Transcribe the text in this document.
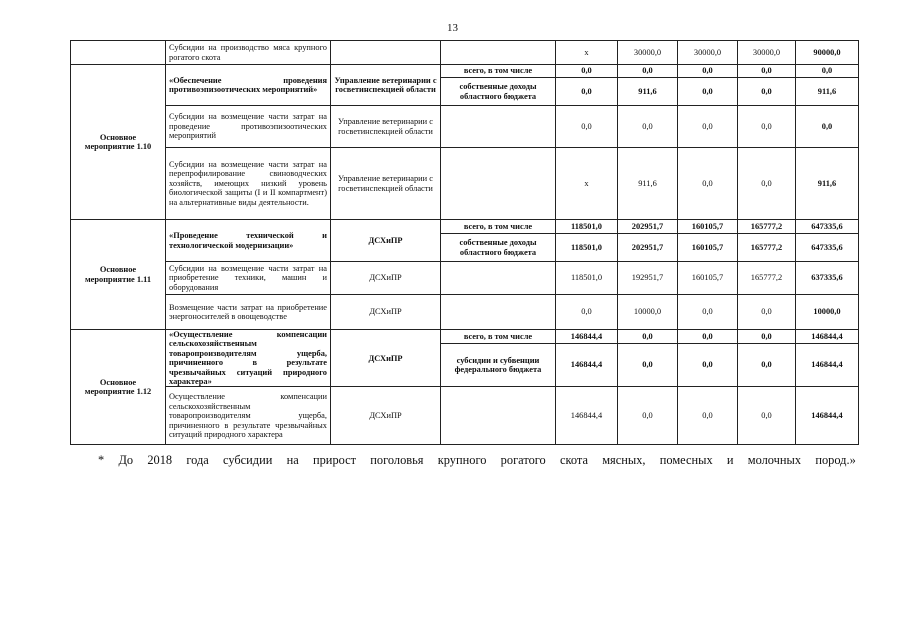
13
	Субсидии на производство мяса крупного рогатого скота			х	30000,0	30000,0	30000,0	90000,0
Основное мероприятие 1.10	«Обеспечение проведения противоэпизоотических мероприятий»	Управление ветеринарии с госветинспекцией области	всего, в том числе	0,0	0,0	0,0	0,0	0,0
			собственные доходы областного бюджета	0,0	911,6	0,0	0,0	911,6
	Субсидии на возмещение части затрат на проведение противоэпизоотических мероприятий	Управление ветеринарии с госветинспекцией области		0,0	0,0	0,0	0,0	0,0
	Субсидии на возмещение части затрат на перепрофилирование свиноводческих хозяйств, имеющих низкий уровень биологической защиты (I и II компартмент) на альтернативные виды деятельности.	Управление ветеринарии с госветинспекцией области		х	911,6	0,0	0,0	911,6
Основное мероприятие 1.11	«Проведение технической и технологической модернизации»	ДСХиПР	всего, в том числе	118501,0	202951,7	160105,7	165777,2	647335,6
			собственные доходы областного бюджета	118501,0	202951,7	160105,7	165777,2	647335,6
	Субсидии на возмещение части затрат на приобретение техники, машин и оборудования	ДСХиПР		118501,0	192951,7	160105,7	165777,2	637335,6
	Возмещение части затрат на приобретение энергоносителей в овощеводстве	ДСХиПР		0,0	10000,0	0,0	0,0	10000,0
Основное мероприятие 1.12	«Осуществление компенсации сельскохозяйственным товаропроизводителям ущерба, причиненного в результате чрезвычайных ситуаций природного характера»	ДСХиПР	всего, в том числе	146844,4	0,0	0,0	0,0	146844,4
			субсидии и субвенции федерального бюджета	146844,4	0,0	0,0	0,0	146844,4
	Осуществление компенсации сельскохозяйственным товаропроизводителям ущерба, причиненного в результате чрезвычайных ситуаций природного характера	ДСХиПР		146844,4	0,0	0,0	0,0	146844,4
* До 2018 года субсидии на прирост поголовья крупного рогатого скота мясных, помесных и молочных пород.»
